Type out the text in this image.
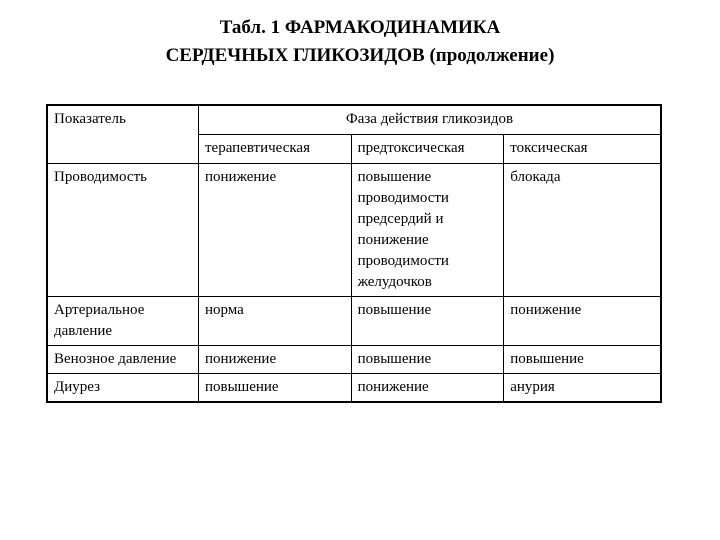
Табл. 1 ФАРМАКОДИНАМИКА
СЕРДЕЧНЫХ ГЛИКОЗИДОВ (продолжение)
Показатель	Фаза действия гликозидов		
	терапевтическая	предтоксическая	токсическая
Проводимость	понижение	повышение проводимости предсердий и понижение проводимости желудочков	блокада
Артериальное давление	норма	повышение	понижение
Венозное давление	понижение	повышение	повышение
Диурез	повышение	понижение	анурия
